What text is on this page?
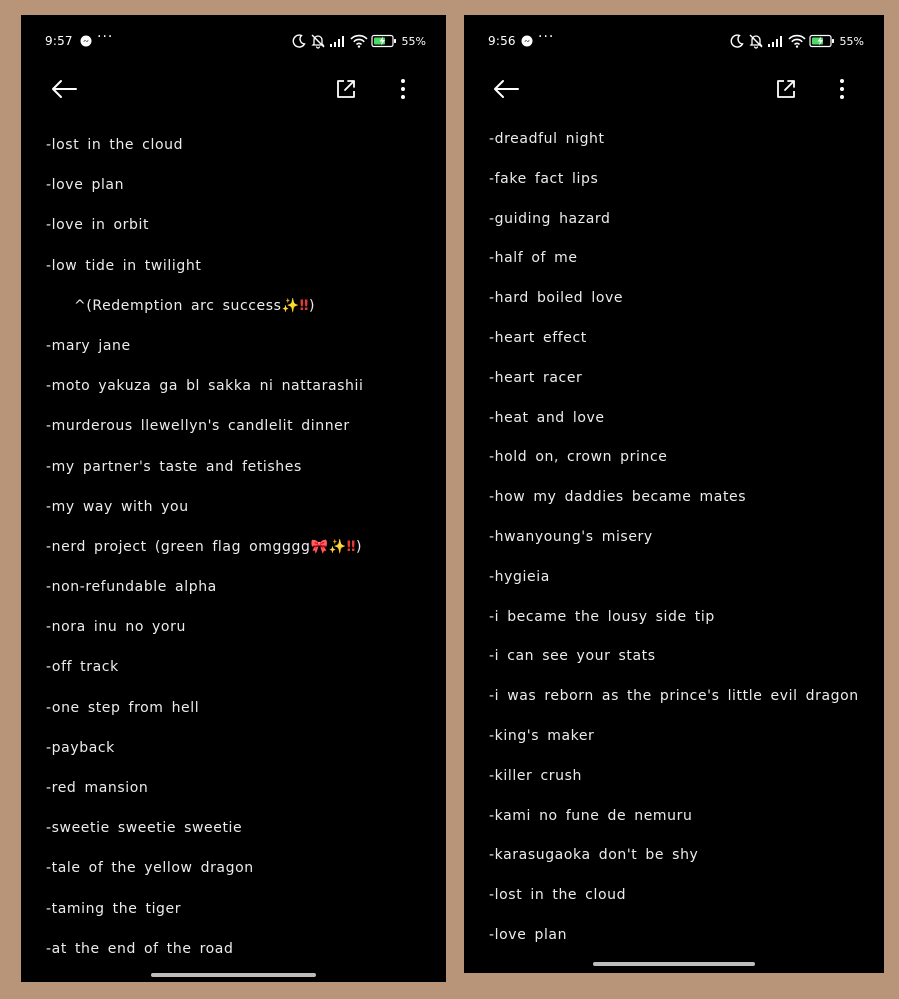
9:57 ···	55%
-lost in the cloud
-love plan
-love in orbit
-low tide in twilight
^(Redemption arc success✨‼)
-mary jane
-moto yakuza ga bl sakka ni nattarashii
-murderous llewellyn's candlelit dinner
-my partner's taste and fetishes
-my way with you
-nerd project (green flag omgggg🎀✨‼)
-non-refundable alpha
-nora inu no yoru
-off track
-one step from hell
-payback
-red mansion
-sweetie sweetie sweetie
-tale of the yellow dragon
-taming the tiger
-at the end of the road
9:56 ···	55%
-dreadful night
-fake fact lips
-guiding hazard
-half of me
-hard boiled love
-heart effect
-heart racer
-heat and love
-hold on, crown prince
-how my daddies became mates
-hwanyoung's misery
-hygieia
-i became the lousy side tip
-i can see your stats
-i was reborn as the prince's little evil dragon
-king's maker
-killer crush
-kami no fune de nemuru
-karasugaoka don't be shy
-lost in the cloud
-love plan
